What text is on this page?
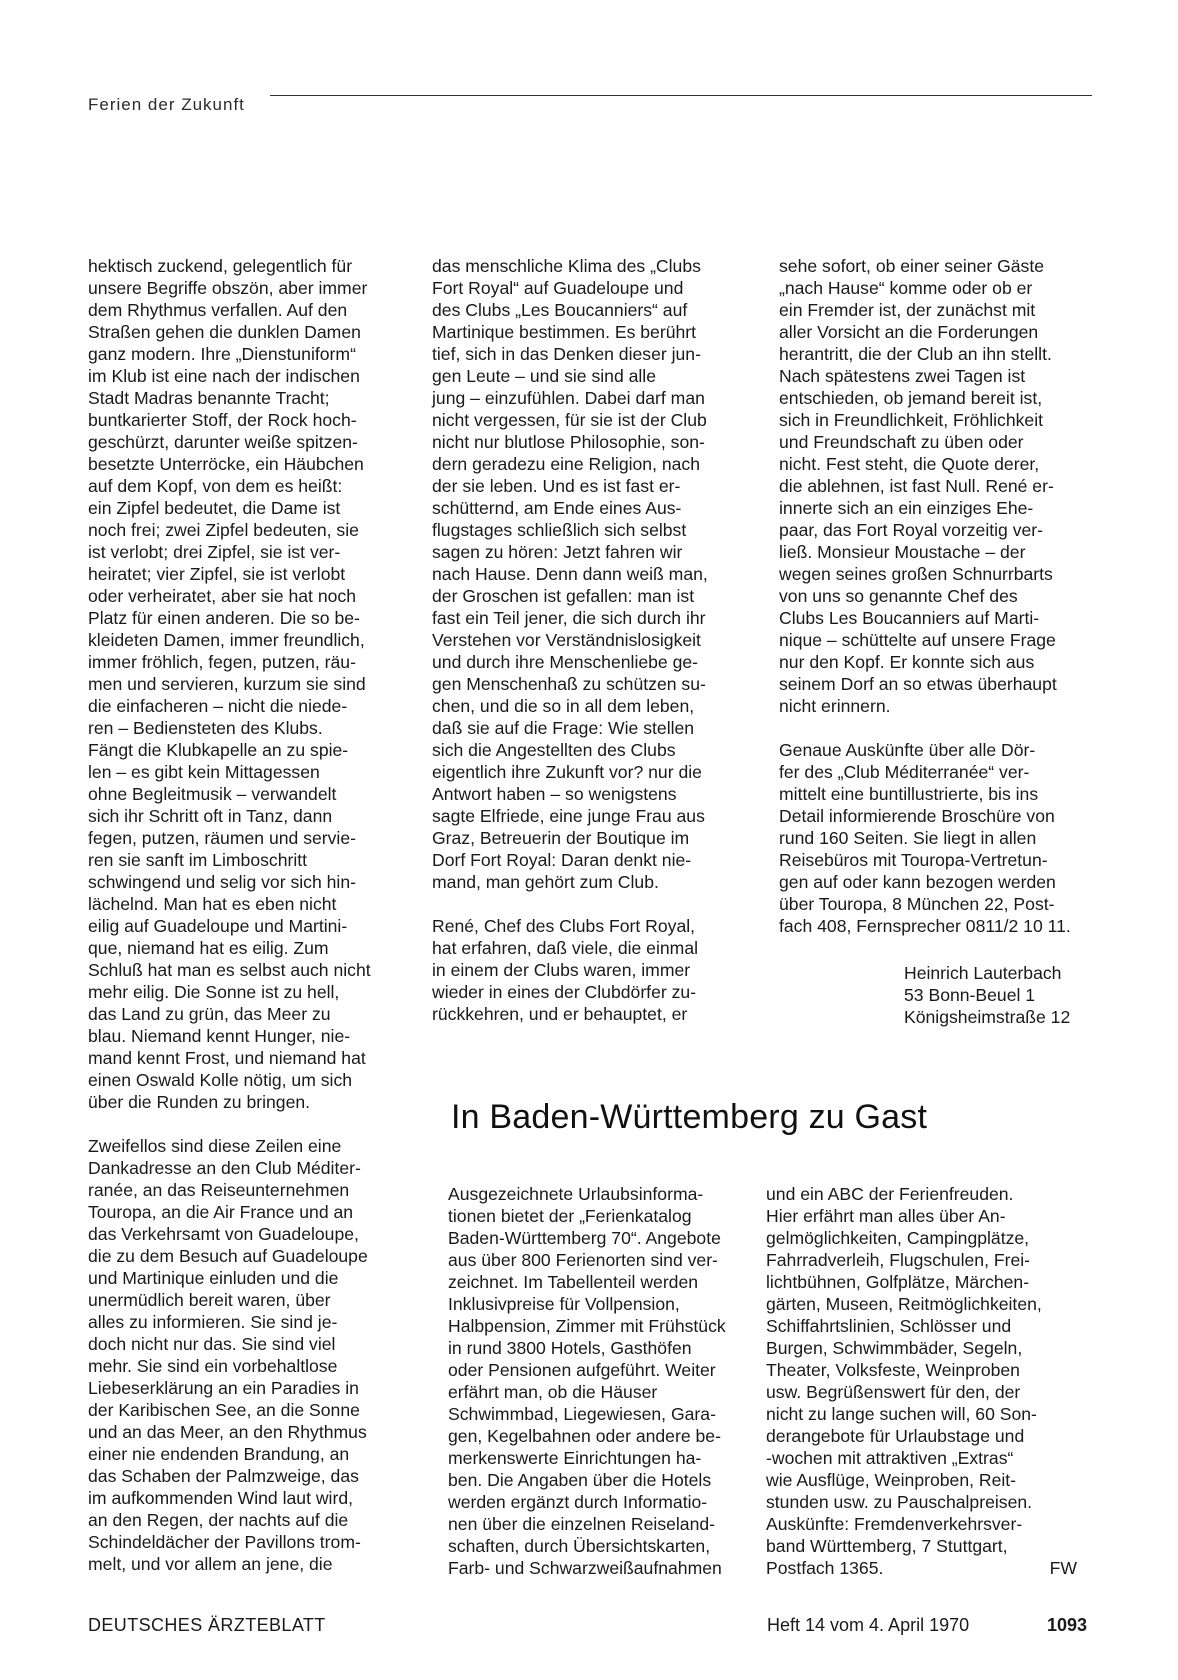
Ferien der Zukunft

hektisch zuckend, gelegentlich für

unsere Begriffe obszön, aber immer

dem Rhythmus verfallen. Auf den

Straßen gehen die dunklen Damen

ganz modern. Ihre „Dienstuniform“

im Klub ist eine nach der indischen

Stadt Madras benannte Tracht;

buntkarierter Stoff, der Rock hoch-

geschürzt, darunter weiße spitzen-

besetzte Unterröcke, ein Häubchen

auf dem Kopf, von dem es heißt:

ein Zipfel bedeutet, die Dame ist

noch frei; zwei Zipfel bedeuten, sie

ist verlobt; drei Zipfel, sie ist ver-

heiratet; vier Zipfel, sie ist verlobt

oder verheiratet, aber sie hat noch

Platz für einen anderen. Die so be-

kleideten Damen, immer freundlich,

immer fröhlich, fegen, putzen, räu-

men und servieren, kurzum sie sind

die einfacheren – nicht die niede-

ren – Bediensteten des Klubs.

Fängt die Klubkapelle an zu spie-

len – es gibt kein Mittagessen

ohne Begleitmusik – verwandelt

sich ihr Schritt oft in Tanz, dann

fegen, putzen, räumen und servie-

ren sie sanft im Limboschritt

schwingend und selig vor sich hin-

lächelnd. Man hat es eben nicht

eilig auf Guadeloupe und Martini-

que, niemand hat es eilig. Zum

Schluß hat man es selbst auch nicht

mehr eilig. Die Sonne ist zu hell,

das Land zu grün, das Meer zu

blau. Niemand kennt Hunger, nie-

mand kennt Frost, und niemand hat

einen Oswald Kolle nötig, um sich

über die Runden zu bringen.

Zweifellos sind diese Zeilen eine

Dankadresse an den Club Méditer-

ranée, an das Reiseunternehmen

Touropa, an die Air France und an

das Verkehrsamt von Guadeloupe,

die zu dem Besuch auf Guadeloupe

und Martinique einluden und die

unermüdlich bereit waren, über

alles zu informieren. Sie sind je-

doch nicht nur das. Sie sind viel

mehr. Sie sind ein vorbehaltlose

Liebeserklärung an ein Paradies in

der Karibischen See, an die Sonne

und an das Meer, an den Rhythmus

einer nie endenden Brandung, an

das Schaben der Palmzweige, das

im aufkommenden Wind laut wird,

an den Regen, der nachts auf die

Schindeldächer der Pavillons trom-

melt, und vor allem an jene, die

das menschliche Klima des „Clubs

Fort Royal“ auf Guadeloupe und

des Clubs „Les Boucanniers“ auf

Martinique bestimmen. Es berührt

tief, sich in das Denken dieser jun-

gen Leute – und sie sind alle

jung – einzufühlen. Dabei darf man

nicht vergessen, für sie ist der Club

nicht nur blutlose Philosophie, son-

dern geradezu eine Religion, nach

der sie leben. Und es ist fast er-

schütternd, am Ende eines Aus-

flugstages schließlich sich selbst

sagen zu hören: Jetzt fahren wir

nach Hause. Denn dann weiß man,

der Groschen ist gefallen: man ist

fast ein Teil jener, die sich durch ihr

Verstehen vor Verständnislosigkeit

und durch ihre Menschenliebe ge-

gen Menschenhaß zu schützen su-

chen, und die so in all dem leben,

daß sie auf die Frage: Wie stellen

sich die Angestellten des Clubs

eigentlich ihre Zukunft vor? nur die

Antwort haben – so wenigstens

sagte Elfriede, eine junge Frau aus

Graz, Betreuerin der Boutique im

Dorf Fort Royal: Daran denkt nie-

mand, man gehört zum Club.

René, Chef des Clubs Fort Royal,

hat erfahren, daß viele, die einmal

in einem der Clubs waren, immer

wieder in eines der Clubdörfer zu-

rückkehren, und er behauptet, er

sehe sofort, ob einer seiner Gäste

„nach Hause“ komme oder ob er

ein Fremder ist, der zunächst mit

aller Vorsicht an die Forderungen

herantritt, die der Club an ihn stellt.

Nach spätestens zwei Tagen ist

entschieden, ob jemand bereit ist,

sich in Freundlichkeit, Fröhlichkeit

und Freundschaft zu üben oder

nicht. Fest steht, die Quote derer,

die ablehnen, ist fast Null. René er-

innerte sich an ein einziges Ehe-

paar, das Fort Royal vorzeitig ver-

ließ. Monsieur Moustache – der

wegen seines großen Schnurrbarts

von uns so genannte Chef des

Clubs Les Boucanniers auf Marti-

nique – schüttelte auf unsere Frage

nur den Kopf. Er konnte sich aus

seinem Dorf an so etwas überhaupt

nicht erinnern.

Genaue Auskünfte über alle Dör-

fer des „Club Méditerranée“ ver-

mittelt eine buntillustrierte, bis ins

Detail informierende Broschüre von

rund 160 Seiten. Sie liegt in allen

Reisebüros mit Touropa-Vertretun-

gen auf oder kann bezogen werden

über Touropa, 8 München 22, Post-

fach 408, Fernsprecher 0811/2 10 11.

Heinrich Lauterbach
53 Bonn-Beuel 1
Königsheimstraße 12
In Baden-Württemberg zu Gast

Ausgezeichnete Urlaubsinforma-

tionen bietet der „Ferienkatalog

Baden-Württemberg 70“. Angebote

aus über 800 Ferienorten sind ver-

zeichnet. Im Tabellenteil werden

Inklusivpreise für Vollpension,

Halbpension, Zimmer mit Frühstück

in rund 3800 Hotels, Gasthöfen

oder Pensionen aufgeführt. Weiter

erfährt man, ob die Häuser

Schwimmbad, Liegewiesen, Gara-

gen, Kegelbahnen oder andere be-

merkenswerte Einrichtungen ha-

ben. Die Angaben über die Hotels

werden ergänzt durch Informatio-

nen über die einzelnen Reiseland-

schaften, durch Übersichtskarten,

Farb- und Schwarzweißaufnahmen

und ein ABC der Ferienfreuden.

Hier erfährt man alles über An-

gelmöglichkeiten, Campingplätze,

Fahrradverleih, Flugschulen, Frei-

lichtbühnen, Golfplätze, Märchen-

gärten, Museen, Reitmöglichkeiten,

Schiffahrtslinien, Schlösser und

Burgen, Schwimmbäder, Segeln,

Theater, Volksfeste, Weinproben

usw. Begrüßenswert für den, der

nicht zu lange suchen will, 60 Son-

derangebote für Urlaubstage und

-wochen mit attraktiven „Extras“

wie Ausflüge, Weinproben, Reit-

stunden usw. zu Pauschalpreisen.

Auskünfte: Fremdenverkehrsver-

band Württemberg, 7 Stuttgart,

Postfach 1365.                                  FW

DEUTSCHES ÄRZTEBLATT	Heft 14 vom 4. April 1970	1093
